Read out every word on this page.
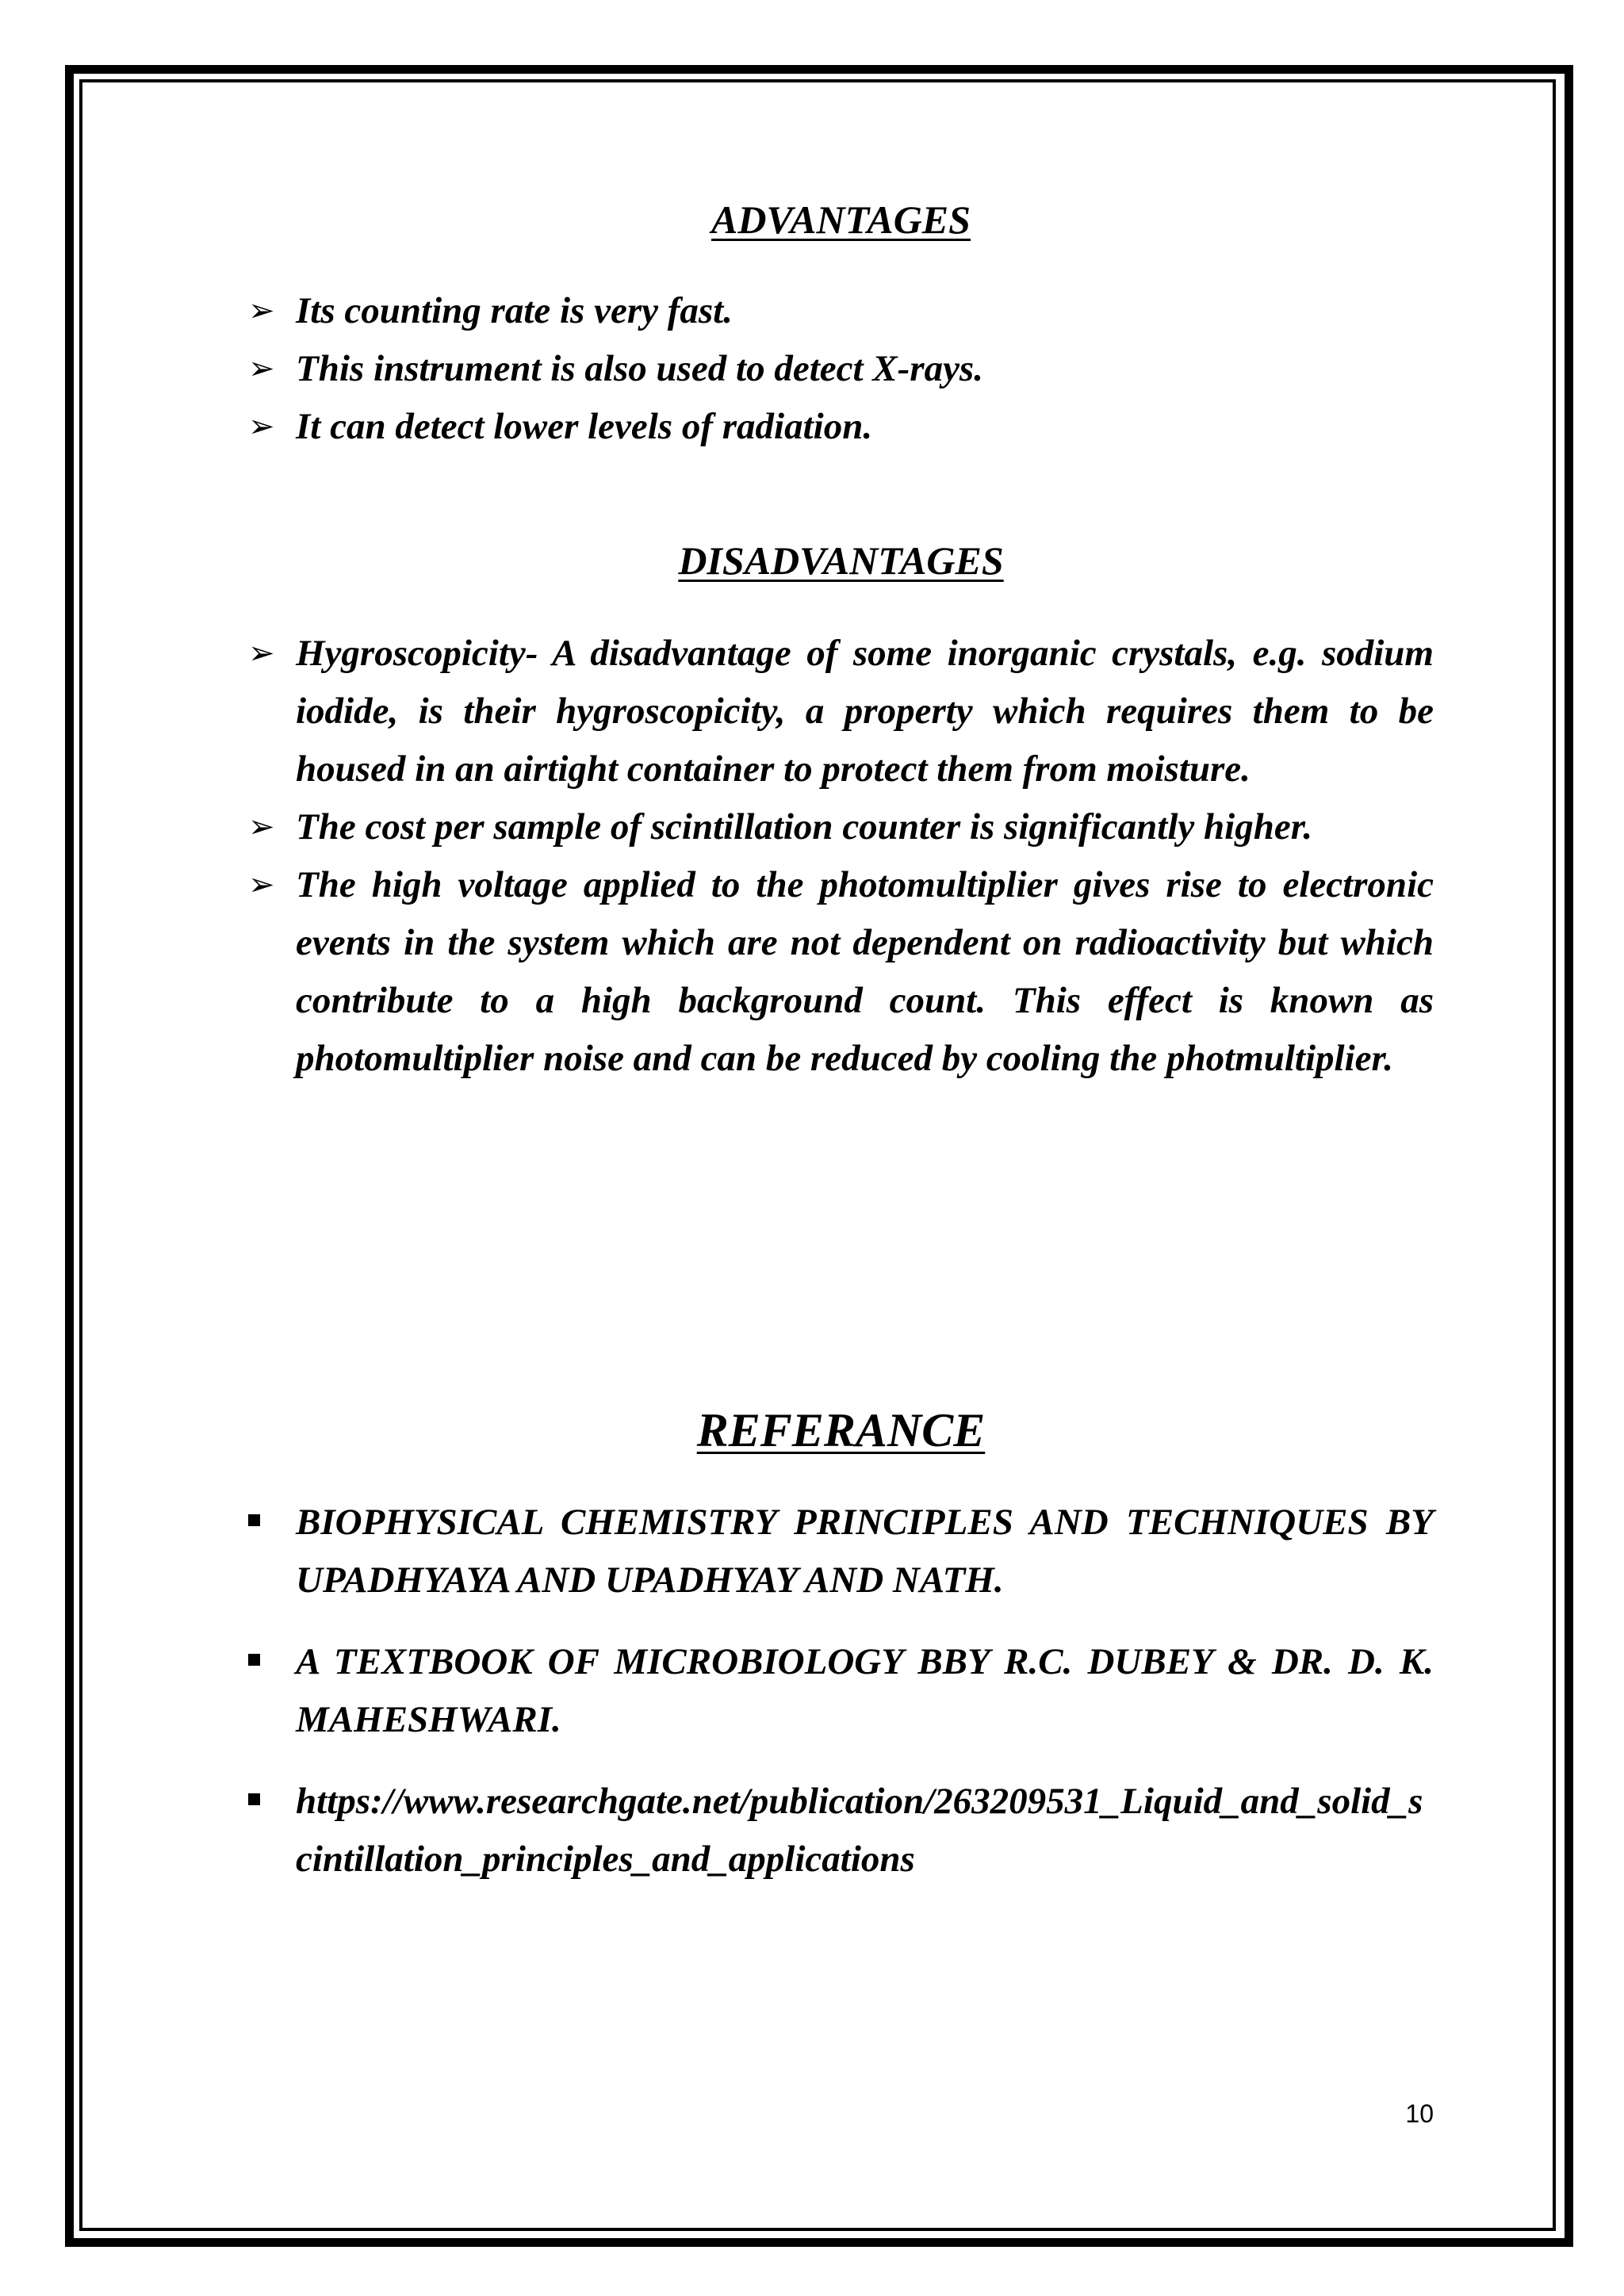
ADVANTAGES
➢ Its counting rate is very fast.
➢ This instrument is also used to detect X-rays.
➢ It can detect lower levels of radiation.
DISADVANTAGES
➢ Hygroscopicity- A disadvantage of some inorganic crystals, e.g. sodium iodide, is their hygroscopicity, a property which requires them to be housed in an airtight container to protect them from moisture.
➢ The cost per sample of scintillation counter is significantly higher.
➢ The high voltage applied to the photomultiplier gives rise to electronic events in the system which are not dependent on radioactivity but which contribute to a high background count. This effect is known as photomultiplier noise and can be reduced by cooling the photmultiplier.
REFERANCE
BIOPHYSICAL CHEMISTRY PRINCIPLES AND TECHNIQUES BY UPADHYAYA AND UPADHYAY AND NATH.
A TEXTBOOK OF MICROBIOLOGY BBY R.C. DUBEY & DR. D. K. MAHESHWARI.
https://www.researchgate.net/publication/263209531_Liquid_and_solid_scintillation_principles_and_applications
10
